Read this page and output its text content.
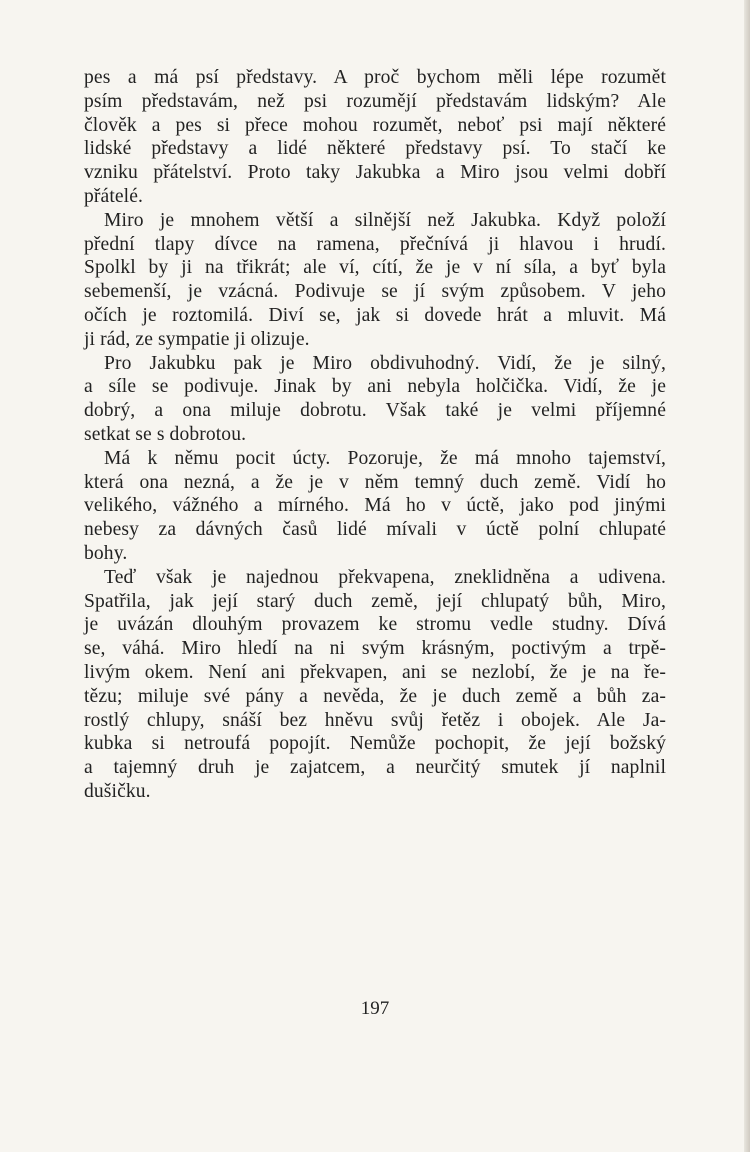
pes a má psí představy. A proč bychom měli lépe rozumět
psím představám, než psi rozumějí představám lidským? Ale
člověk a pes si přece mohou rozumět, neboť psi mají některé
lidské představy a lidé některé představy psí. To stačí ke
vzniku přátelství. Proto taky Jakubka a Miro jsou velmi dobří
přátelé.
Miro je mnohem větší a silnější než Jakubka. Když položí
přední tlapy dívce na ramena, přečnívá ji hlavou i hrudí.
Spolkl by ji na třikrát; ale ví, cítí, že je v ní síla, a byť byla
sebemenší, je vzácná. Podivuje se jí svým způsobem. V jeho
očích je roztomilá. Diví se, jak si dovede hrát a mluvit. Má
ji rád, ze sympatie ji olizuje.
Pro Jakubku pak je Miro obdivuhodný. Vidí, že je silný,
a síle se podivuje. Jinak by ani nebyla holčička. Vidí, že je
dobrý, a ona miluje dobrotu. Však také je velmi příjemné
setkat se s dobrotou.
Má k němu pocit úcty. Pozoruje, že má mnoho tajemství,
která ona nezná, a že je v něm temný duch země. Vidí ho
velikého, vážného a mírného. Má ho v úctě, jako pod jinými
nebesy za dávných časů lidé mívali v úctě polní chlupaté
bohy.
Teď však je najednou překvapena, zneklidněna a udivena.
Spatřila, jak její starý duch země, její chlupatý bůh, Miro,
je uvázán dlouhým provazem ke stromu vedle studny. Dívá
se, váhá. Miro hledí na ni svým krásným, poctivým a trpě-
livým okem. Není ani překvapen, ani se nezlobí, že je na ře-
tězu; miluje své pány a nevěda, že je duch země a bůh za-
rostlý chlupy, snáší bez hněvu svůj řetěz i obojek. Ale Ja-
kubka si netroufá popojít. Nemůže pochopit, že její božský
a tajemný druh je zajatcem, a neurčitý smutek jí naplnil
dušičku.
197
